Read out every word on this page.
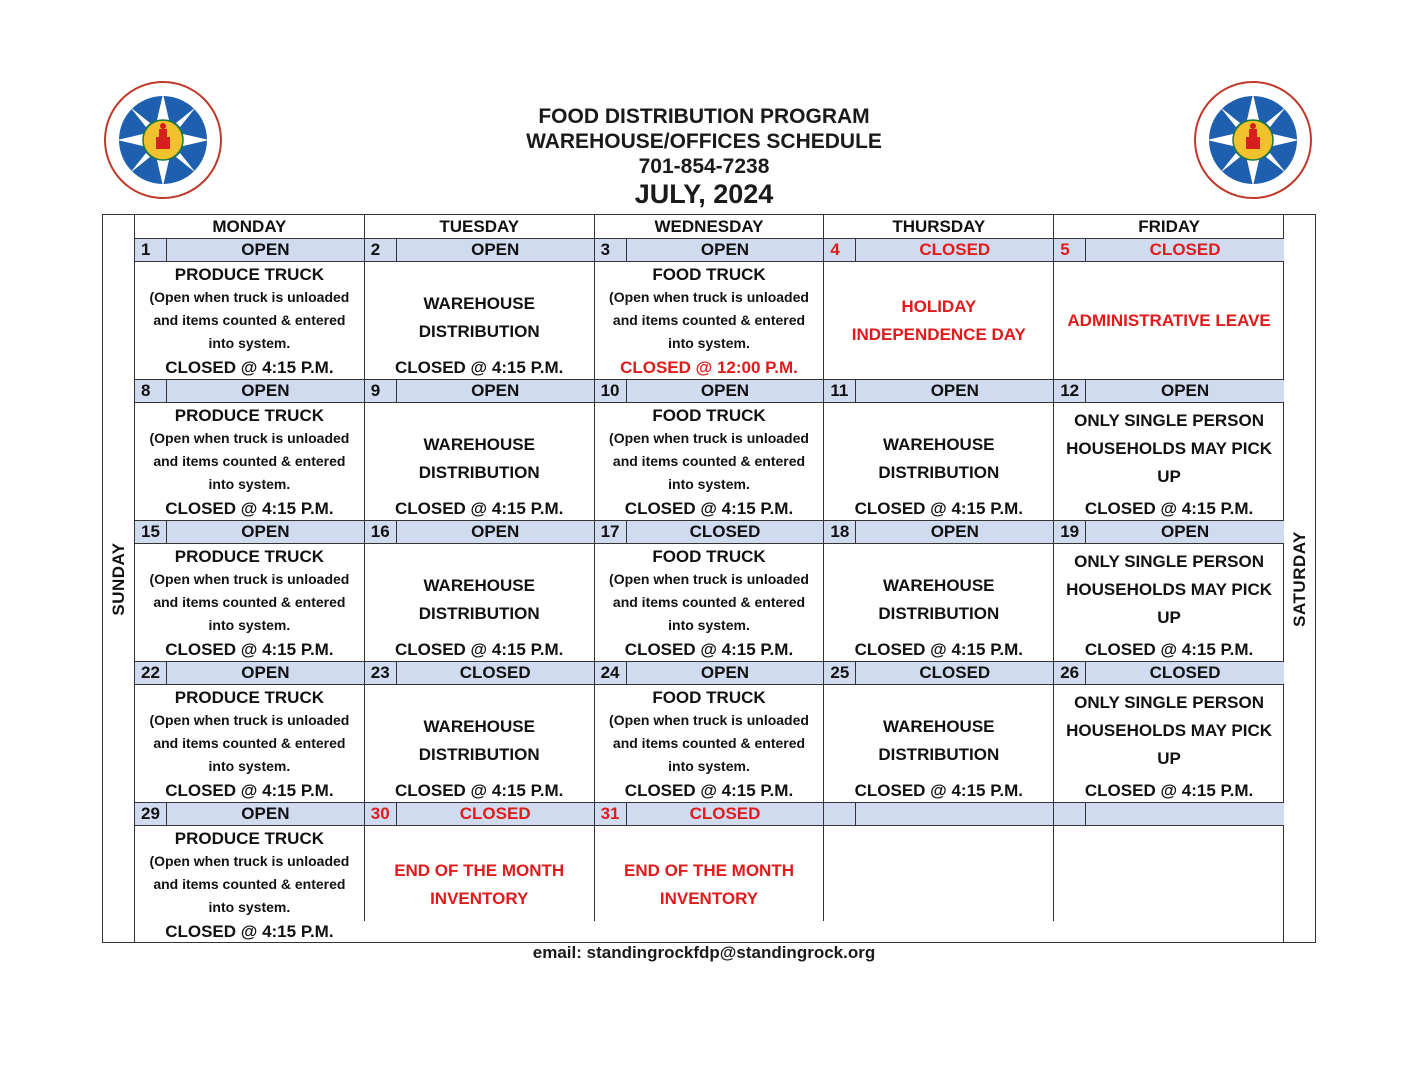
FOOD DISTRIBUTION PROGRAM
WAREHOUSE/OFFICES SCHEDULE
701-854-7238
JULY, 2024
SUNDAY	SATURDAY
MONDAY	TUESDAY	WEDNESDAY	THURSDAY	FRIDAY
1	OPEN
PRODUCE TRUCK
(Open when truck is unloaded
and items counted & entered
into system.
CLOSED @ 4:15 P.M.
2	OPEN
WAREHOUSE
DISTRIBUTION
CLOSED @ 4:15 P.M.
3	OPEN
FOOD TRUCK
(Open when truck is unloaded
and items counted & entered
into system.
CLOSED @ 12:00 P.M.
4	CLOSED
HOLIDAY
INDEPENDENCE DAY
5	CLOSED
ADMINISTRATIVE LEAVE
8	OPEN
PRODUCE TRUCK
(Open when truck is unloaded
and items counted & entered
into system.
CLOSED @ 4:15 P.M.
9	OPEN
WAREHOUSE
DISTRIBUTION
CLOSED @ 4:15 P.M.
10	OPEN
FOOD TRUCK
(Open when truck is unloaded
and items counted & entered
into system.
CLOSED @ 4:15 P.M.
11	OPEN
WAREHOUSE
DISTRIBUTION
CLOSED @ 4:15 P.M.
12	OPEN
ONLY SINGLE PERSON
HOUSEHOLDS MAY PICK
UP
CLOSED @ 4:15 P.M.
15	OPEN
PRODUCE TRUCK
(Open when truck is unloaded
and items counted & entered
into system.
CLOSED @ 4:15 P.M.
16	OPEN
WAREHOUSE
DISTRIBUTION
CLOSED @ 4:15 P.M.
17	CLOSED
FOOD TRUCK
(Open when truck is unloaded
and items counted & entered
into system.
CLOSED @ 4:15 P.M.
18	OPEN
WAREHOUSE
DISTRIBUTION
CLOSED @ 4:15 P.M.
19	OPEN
ONLY SINGLE PERSON
HOUSEHOLDS MAY PICK
UP
CLOSED @ 4:15 P.M.
22	OPEN
PRODUCE TRUCK
(Open when truck is unloaded
and items counted & entered
into system.
CLOSED @ 4:15 P.M.
23	CLOSED
WAREHOUSE
DISTRIBUTION
CLOSED @ 4:15 P.M.
24	OPEN
FOOD TRUCK
(Open when truck is unloaded
and items counted & entered
into system.
CLOSED @ 4:15 P.M.
25	CLOSED
WAREHOUSE
DISTRIBUTION
CLOSED @ 4:15 P.M.
26	CLOSED
ONLY SINGLE PERSON
HOUSEHOLDS MAY PICK
UP
CLOSED @ 4:15 P.M.
29	OPEN
PRODUCE TRUCK
(Open when truck is unloaded
and items counted & entered
into system.
CLOSED @ 4:15 P.M.
30	CLOSED
END OF THE MONTH
INVENTORY
31	CLOSED
END OF THE MONTH
INVENTORY
email: standingrockfdp@standingrock.org
